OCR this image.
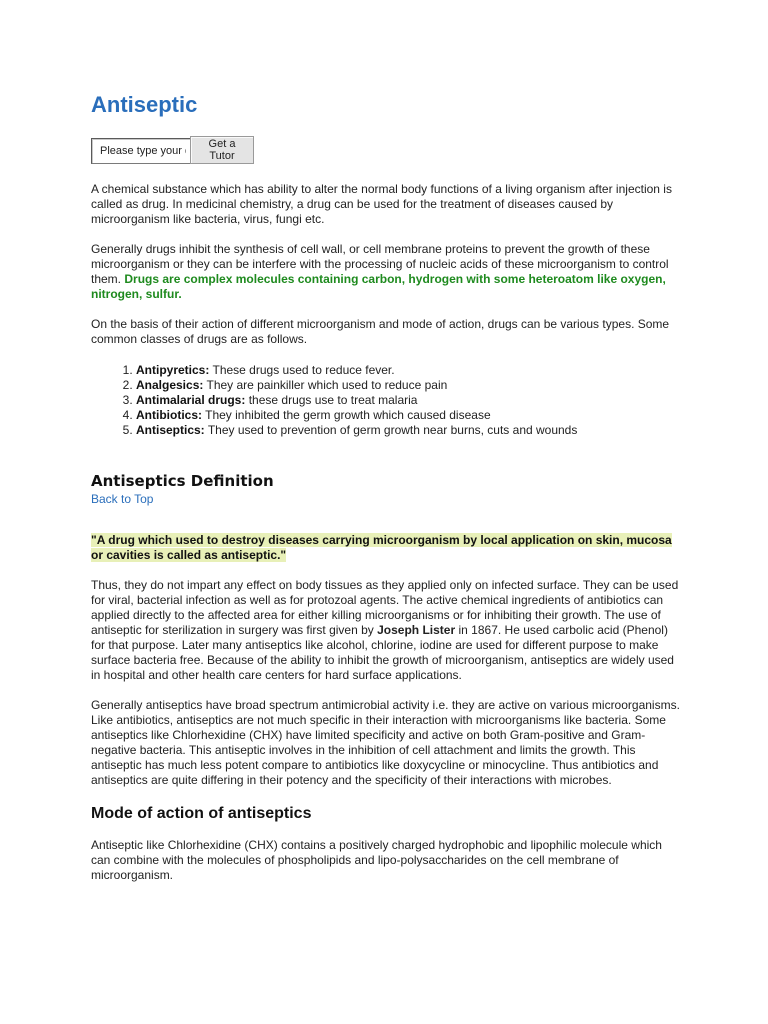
Antiseptic
Please type your question
Get a Tutor

A chemical substance which has ability to alter the normal body functions of a living organism after injection is called as drug. In medicinal chemistry, a drug can be used for the treatment of diseases caused by microorganism like bacteria, virus, fungi etc.

Generally drugs inhibit the synthesis of cell wall, or cell membrane proteins to prevent the growth of these microorganism or they can be interfere with the processing of nucleic acids of these microorganism to control them. Drugs are complex molecules containing carbon, hydrogen with some heteroatom like oxygen, nitrogen, sulfur.

On the basis of their action of different microorganism and mode of action, drugs can be various types. Some common classes of drugs are as follows.

1. Antipyretics: These drugs used to reduce fever.
2. Analgesics: They are painkiller which used to reduce pain
3. Antimalarial drugs: these drugs use to treat malaria
4. Antibiotics: They inhibited the germ growth which caused disease
5. Antiseptics: They used to prevention of germ growth near burns, cuts and wounds
Antiseptics Definition
Back to Top

"A drug which used to destroy diseases carrying microorganism by local application on skin, mucosa or cavities is called as antiseptic."

Thus, they do not impart any effect on body tissues as they applied only on infected surface. They can be used for viral, bacterial infection as well as for protozoal agents. The active chemical ingredients of antibiotics can applied directly to the affected area for either killing microorganisms or for inhibiting their growth. The use of antiseptic for sterilization in surgery was first given by Joseph Lister in 1867. He used carbolic acid (Phenol) for that purpose. Later many antiseptics like alcohol, chlorine, iodine are used for different purpose to make surface bacteria free. Because of the ability to inhibit the growth of microorganism, antiseptics are widely used in hospital and other health care centers for hard surface applications.

Generally antiseptics have broad spectrum antimicrobial activity i.e. they are active on various microorganisms. Like antibiotics, antiseptics are not much specific in their interaction with microorganisms like bacteria. Some antiseptics like Chlorhexidine (CHX) have limited specificity and active on both Gram-positive and Gram-negative bacteria. This antiseptic involves in the inhibition of cell attachment and limits the growth. This antiseptic has much less potent compare to antibiotics like doxycycline or minocycline. Thus antibiotics and antiseptics are quite differing in their potency and the specificity of their interactions with microbes.

Mode of action of antiseptics

Antiseptic like Chlorhexidine (CHX) contains a positively charged hydrophobic and lipophilic molecule which can combine with the molecules of phospholipids and lipo-polysaccharides on the cell membrane of microorganism.
